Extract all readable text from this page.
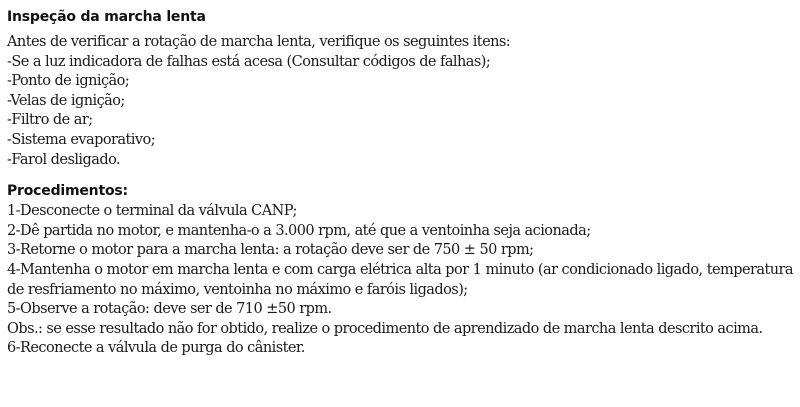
Inspeção da marcha lenta
Antes de verificar a rotação de marcha lenta, verifique os seguintes itens:
-Se a luz indicadora de falhas está acesa (Consultar códigos de falhas);
-Ponto de ignição;
-Velas de ignição;
-Filtro de ar;
-Sistema evaporativo;
-Farol desligado.
Procedimentos:
1-Desconecte o terminal da válvula CANP;
2-Dê partida no motor, e mantenha-o a 3.000 rpm, até que a ventoinha seja acionada;
3-Retorne o motor para a marcha lenta: a rotação deve ser de 750 ± 50 rpm;
4-Mantenha o motor em marcha lenta e com carga elétrica alta por 1 minuto (ar condicionado ligado, temperatura de resfriamento no máximo, ventoinha no máximo e faróis ligados);
5-Observe a rotação: deve ser de 710 ±50 rpm.
Obs.: se esse resultado não for obtido, realize o procedimento de aprendizado de marcha lenta descrito acima.
6-Reconecte a válvula de purga do cânister.
